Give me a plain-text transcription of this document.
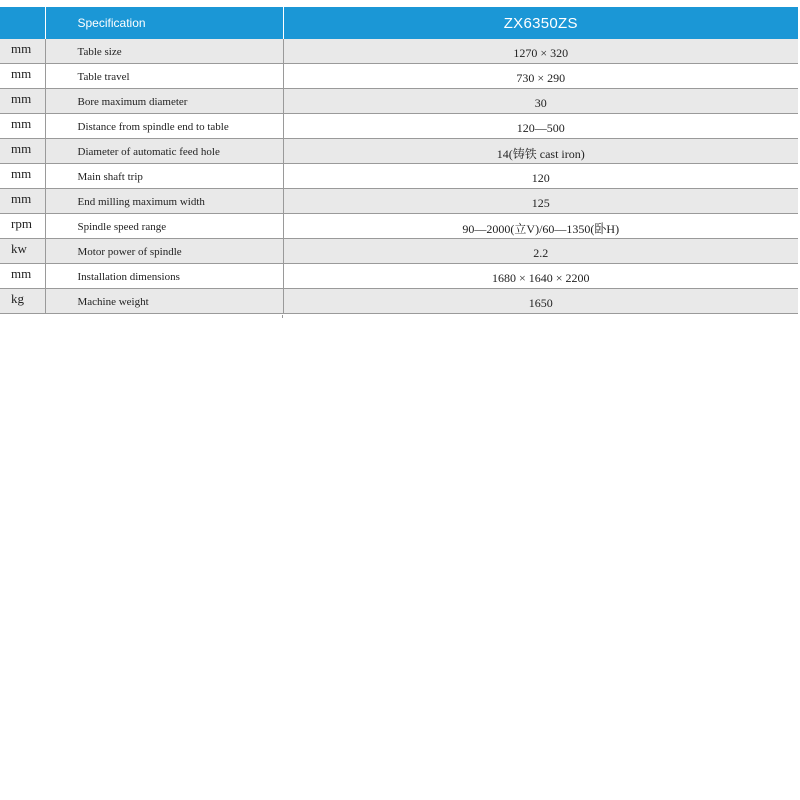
	Specification	ZX6350ZS
mm	Table size	1270 × 320
mm	Table travel	730 × 290
mm	Bore maximum diameter	30
mm	Distance from spindle end to table	120—500
mm	Diameter of automatic feed hole	14(铸铁 cast iron)
mm	Main shaft trip	120
mm	End milling maximum width	125
rpm	Spindle speed range	90—2000(立V)/60—1350(卧H)
kw	Motor power of spindle	2.2
mm	Installation dimensions	1680 × 1640 × 2200
kg	Machine weight	1650
